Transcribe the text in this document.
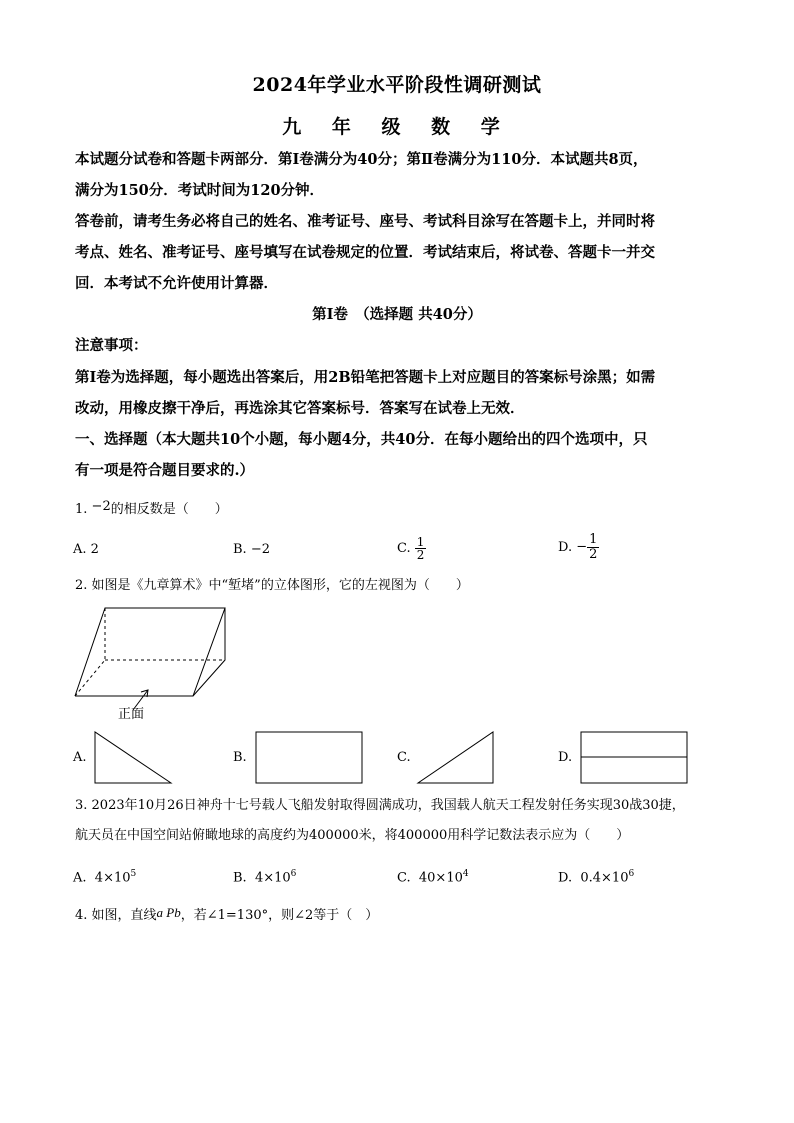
2024年学业水平阶段性调研测试
九 年 级 数 学
本试题分试卷和答题卡两部分．第Ⅰ卷满分为40分；第Ⅱ卷满分为110分．本试题共8页，
满分为150分．考试时间为120分钟．
答卷前，请考生务必将自己的姓名、准考证号、座号、考试科目涂写在答题卡上，并同时将
考点、姓名、准考证号、座号填写在试卷规定的位置．考试结束后，将试卷、答题卡一并交
回．本考试不允许使用计算器．
第Ⅰ卷　（选择题 共40分）
注意事项：
第Ⅰ卷为选择题，每小题选出答案后，用2B铅笔把答题卡上对应题目的答案标号涂黑；如需
改动，用橡皮擦干净后，再选涂其它答案标号．答案写在试卷上无效．
一、选择题（本大题共10个小题，每小题4分，共40分．在每小题给出的四个选项中，只
有一项是符合题目要求的.）
1. −2的相反数是（　　）
A. 2	B. −2	C. $\frac{1}{2}$	D. − $\frac{1}{2}$
2. 如图是《九章算术》中“堑堵”的立体图形，它的左视图为（　　）
正面
A.	B.	C.	D.
3. 2023年10月26日神舟十七号载人飞船发射取得圆满成功，我国载人航天工程发射任务实现30战30捷，
航天员在中国空间站俯瞰地球的高度约为400000米，将400000用科学记数法表示应为（　　）
A. $4\times 10^5$	B. $4\times 10^6$	C. $40\times 10^4$	D. $0.4\times 10^6$
4. 如图，直线a Pb，若∠1=130°，则∠2等于（　）
